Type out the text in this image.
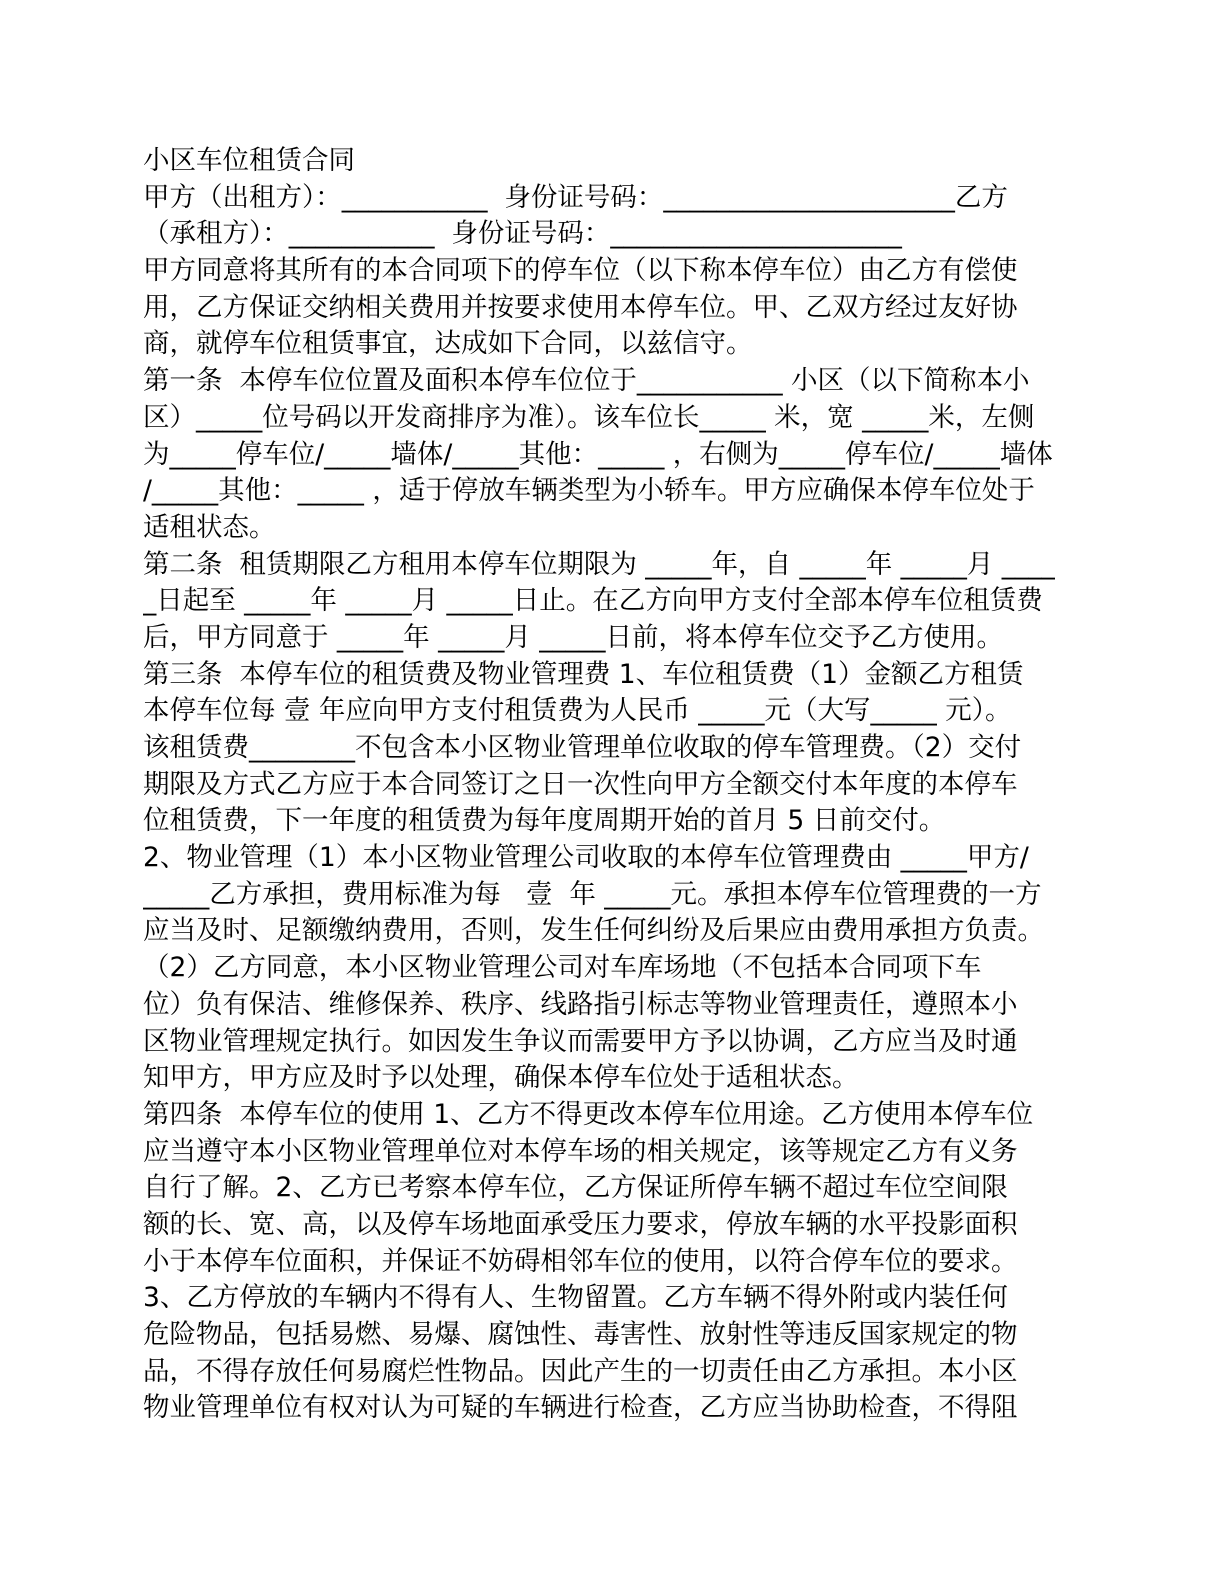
小区车位租赁合同
甲方（出租方）：___________  身份证号码：______________________乙方
（承租方）：___________  身份证号码：______________________
甲方同意将其所有的本合同项下的停车位（以下称本停车位）由乙方有偿使
用，乙方保证交纳相关费用并按要求使用本停车位。甲、乙双方经过友好协
商，就停车位租赁事宜，达成如下合同，以兹信守。
第一条  本停车位位置及面积本停车位位于___________ 小区（以下简称本小
区）_____位号码以开发商排序为准）。该车位长_____ 米，宽 _____米，左侧
为_____停车位/_____墙体/_____其他：_____ ，右侧为_____停车位/_____墙体
/_____其他：_____ ，适于停放车辆类型为小轿车。甲方应确保本停车位处于
适租状态。
第二条  租赁期限乙方租用本停车位期限为 _____年，自 _____年 _____月 ____
_日起至 _____年 _____月 _____日止。在乙方向甲方支付全部本停车位租赁费
后，甲方同意于 _____年 _____月 _____日前，将本停车位交予乙方使用。
第三条  本停车位的租赁费及物业管理费 1、车位租赁费（1）金额乙方租赁
本停车位每 壹 年应向甲方支付租赁费为人民币 _____元（大写_____ 元）。
该租赁费________不包含本小区物业管理单位收取的停车管理费。（2）交付
期限及方式乙方应于本合同签订之日一次性向甲方全额交付本年度的本停车
位租赁费，下一年度的租赁费为每年度周期开始的首月 5 日前交付。
2、物业管理（1）本小区物业管理公司收取的本停车位管理费由 _____甲方/
_____乙方承担，费用标准为每   壹  年 _____元。承担本停车位管理费的一方
应当及时、足额缴纳费用，否则，发生任何纠纷及后果应由费用承担方负责。
（2）乙方同意，本小区物业管理公司对车库场地（不包括本合同项下车
位）负有保洁、维修保养、秩序、线路指引标志等物业管理责任，遵照本小
区物业管理规定执行。如因发生争议而需要甲方予以协调，乙方应当及时通
知甲方，甲方应及时予以处理，确保本停车位处于适租状态。
第四条  本停车位的使用 1、乙方不得更改本停车位用途。乙方使用本停车位
应当遵守本小区物业管理单位对本停车场的相关规定，该等规定乙方有义务
自行了解。2、乙方已考察本停车位，乙方保证所停车辆不超过车位空间限
额的长、宽、高，以及停车场地面承受压力要求，停放车辆的水平投影面积
小于本停车位面积，并保证不妨碍相邻车位的使用，以符合停车位的要求。
3、乙方停放的车辆内不得有人、生物留置。乙方车辆不得外附或内装任何
危险物品，包括易燃、易爆、腐蚀性、毒害性、放射性等违反国家规定的物
品，不得存放任何易腐烂性物品。因此产生的一切责任由乙方承担。本小区
物业管理单位有权对认为可疑的车辆进行检查，乙方应当协助检查，不得阻
